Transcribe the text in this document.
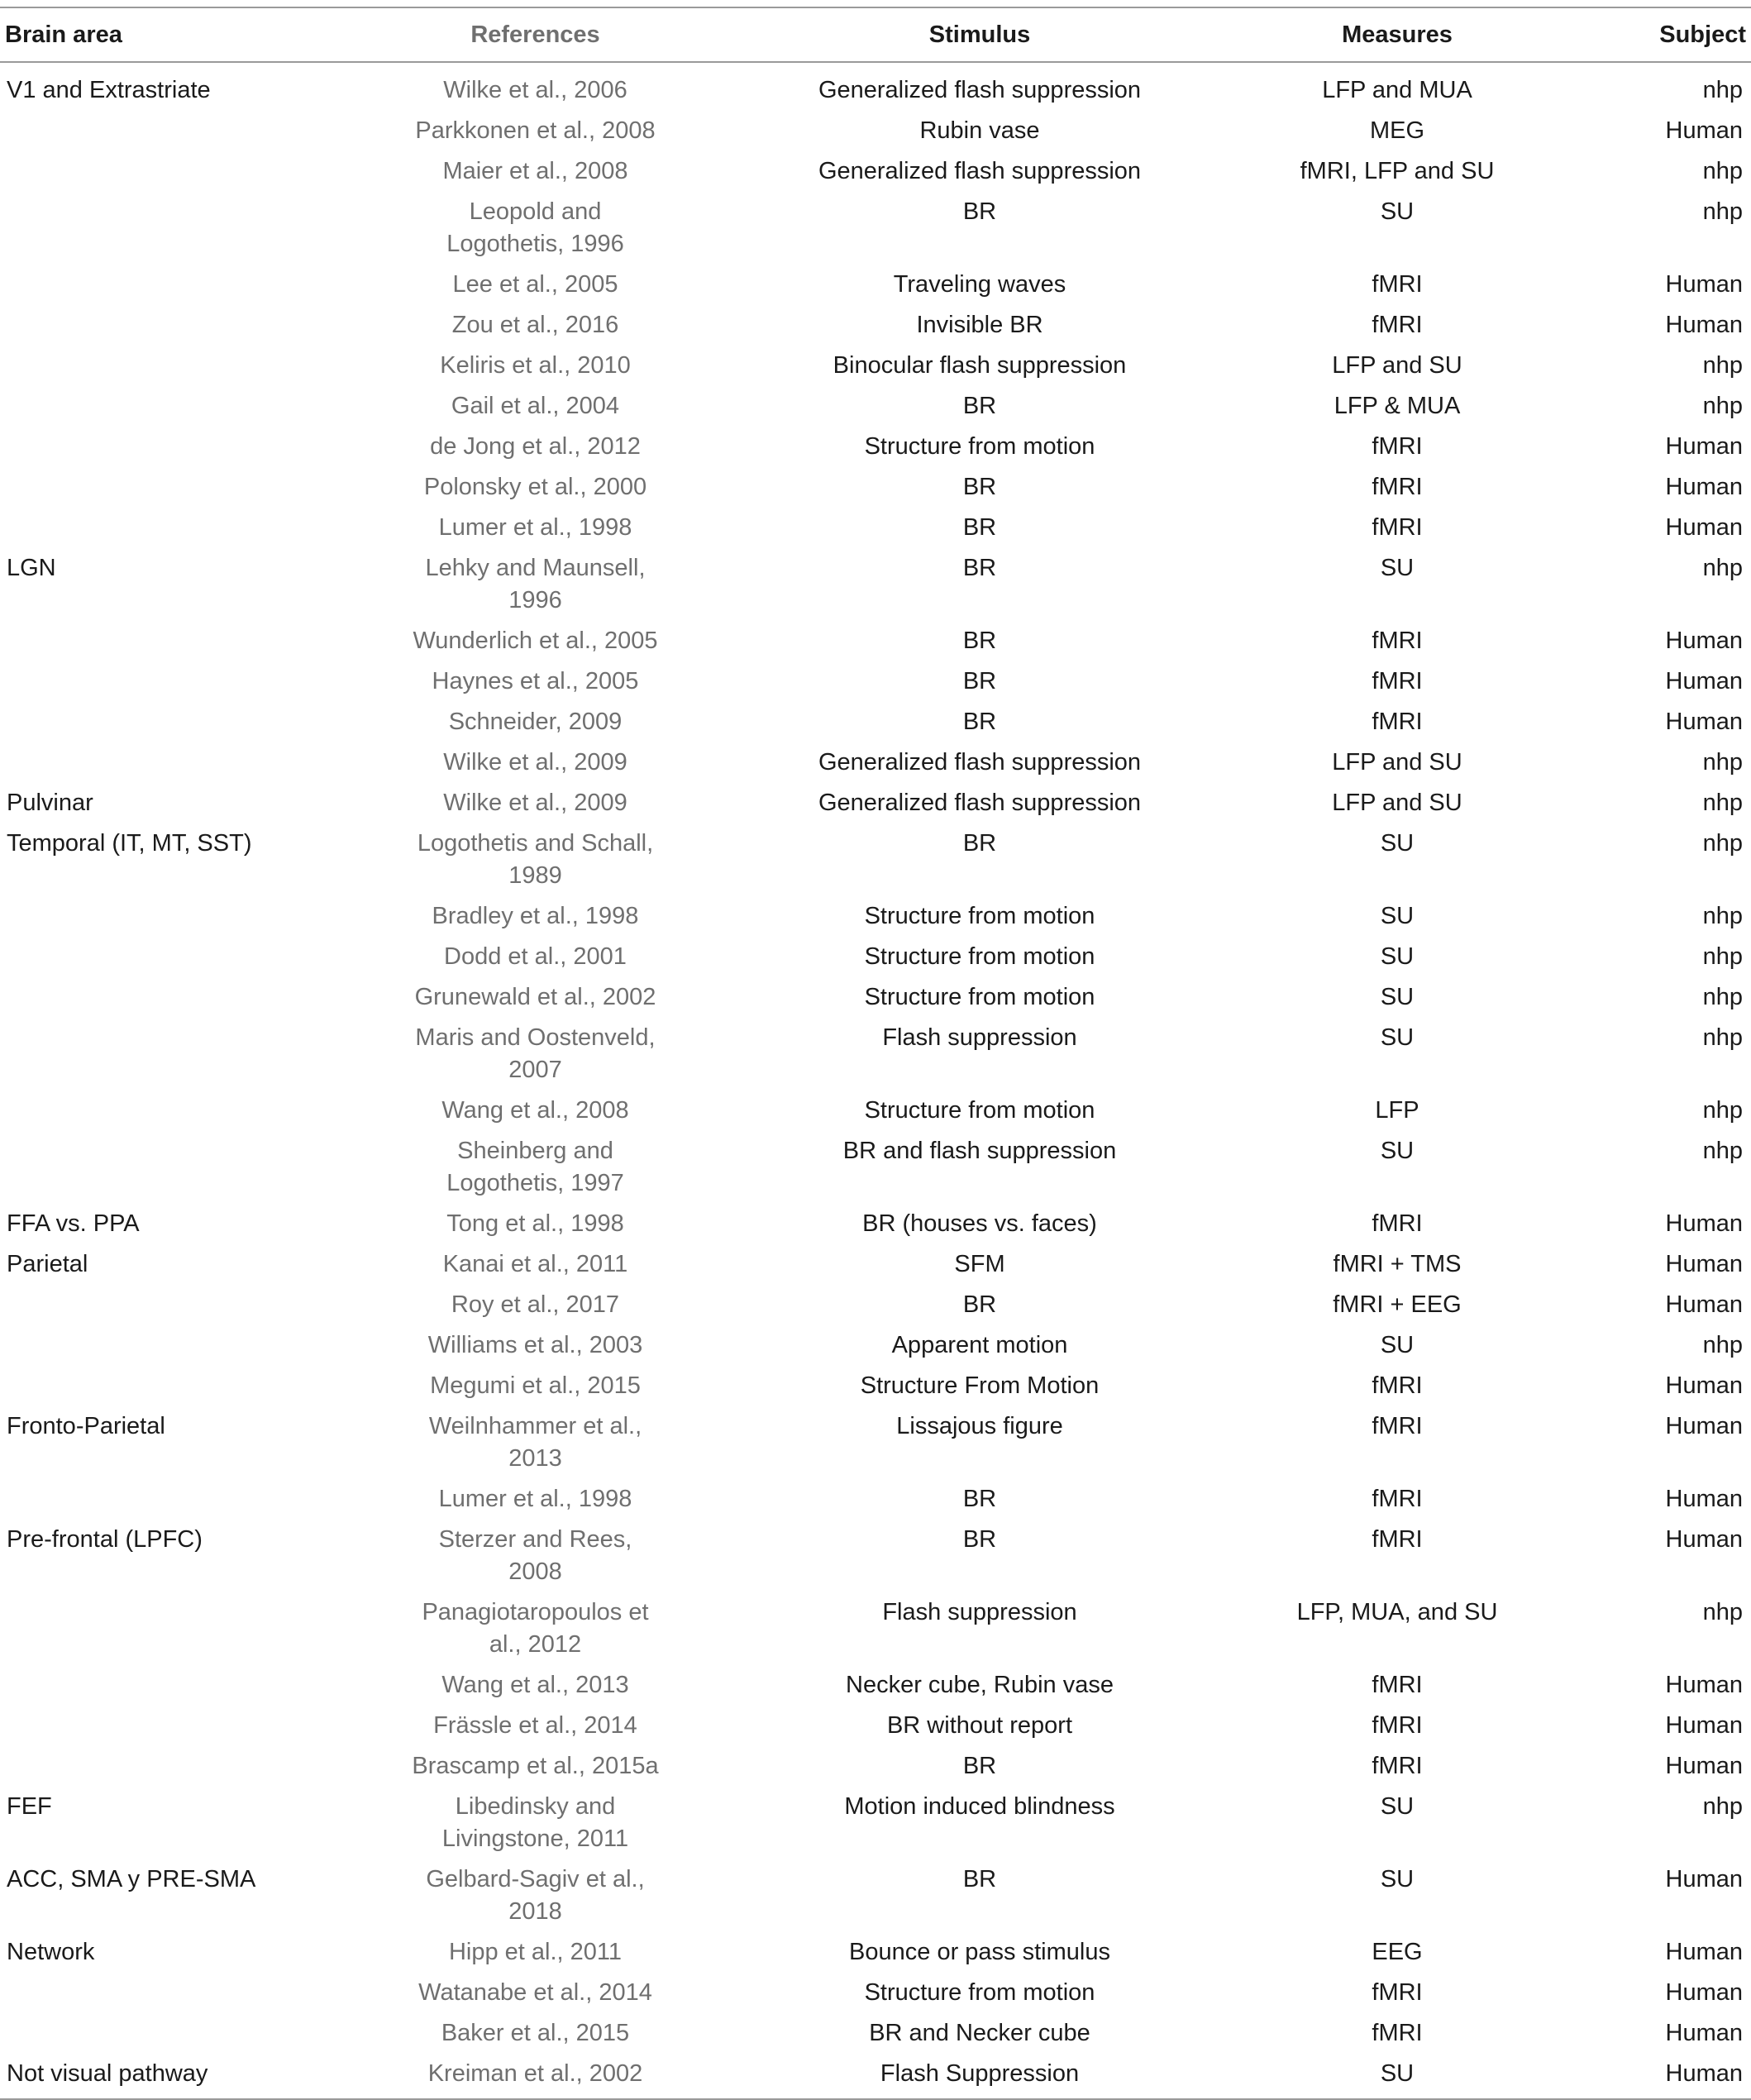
Brain area	References	Stimulus	Measures	Subject
V1 and Extrastriate	Wilke et al., 2006	Generalized flash suppression	LFP and MUA	nhp
	Parkkonen et al., 2008	Rubin vase	MEG	Human
	Maier et al., 2008	Generalized flash suppression	fMRI, LFP and SU	nhp
	Leopold and Logothetis, 1996	BR	SU	nhp
	Lee et al., 2005	Traveling waves	fMRI	Human
	Zou et al., 2016	Invisible BR	fMRI	Human
	Keliris et al., 2010	Binocular flash suppression	LFP and SU	nhp
	Gail et al., 2004	BR	LFP & MUA	nhp
	de Jong et al., 2012	Structure from motion	fMRI	Human
	Polonsky et al., 2000	BR	fMRI	Human
	Lumer et al., 1998	BR	fMRI	Human
LGN	Lehky and Maunsell, 1996	BR	SU	nhp
	Wunderlich et al., 2005	BR	fMRI	Human
	Haynes et al., 2005	BR	fMRI	Human
	Schneider, 2009	BR	fMRI	Human
	Wilke et al., 2009	Generalized flash suppression	LFP and SU	nhp
Pulvinar	Wilke et al., 2009	Generalized flash suppression	LFP and SU	nhp
Temporal (IT, MT, SST)	Logothetis and Schall, 1989	BR	SU	nhp
	Bradley et al., 1998	Structure from motion	SU	nhp
	Dodd et al., 2001	Structure from motion	SU	nhp
	Grunewald et al., 2002	Structure from motion	SU	nhp
	Maris and Oostenveld, 2007	Flash suppression	SU	nhp
	Wang et al., 2008	Structure from motion	LFP	nhp
	Sheinberg and Logothetis, 1997	BR and flash suppression	SU	nhp
FFA vs. PPA	Tong et al., 1998	BR (houses vs. faces)	fMRI	Human
Parietal	Kanai et al., 2011	SFM	fMRI + TMS	Human
	Roy et al., 2017	BR	fMRI + EEG	Human
	Williams et al., 2003	Apparent motion	SU	nhp
	Megumi et al., 2015	Structure From Motion	fMRI	Human
Fronto-Parietal	Weilnhammer et al., 2013	Lissajous figure	fMRI	Human
	Lumer et al., 1998	BR	fMRI	Human
Pre-frontal (LPFC)	Sterzer and Rees, 2008	BR	fMRI	Human
	Panagiotaropoulos et al., 2012	Flash suppression	LFP, MUA, and SU	nhp
	Wang et al., 2013	Necker cube, Rubin vase	fMRI	Human
	Frässle et al., 2014	BR without report	fMRI	Human
	Brascamp et al., 2015a	BR	fMRI	Human
FEF	Libedinsky and Livingstone, 2011	Motion induced blindness	SU	nhp
ACC, SMA y PRE-SMA	Gelbard-Sagiv et al., 2018	BR	SU	Human
Network	Hipp et al., 2011	Bounce or pass stimulus	EEG	Human
	Watanabe et al., 2014	Structure from motion	fMRI	Human
	Baker et al., 2015	BR and Necker cube	fMRI	Human
Not visual pathway	Kreiman et al., 2002	Flash Suppression	SU	Human
